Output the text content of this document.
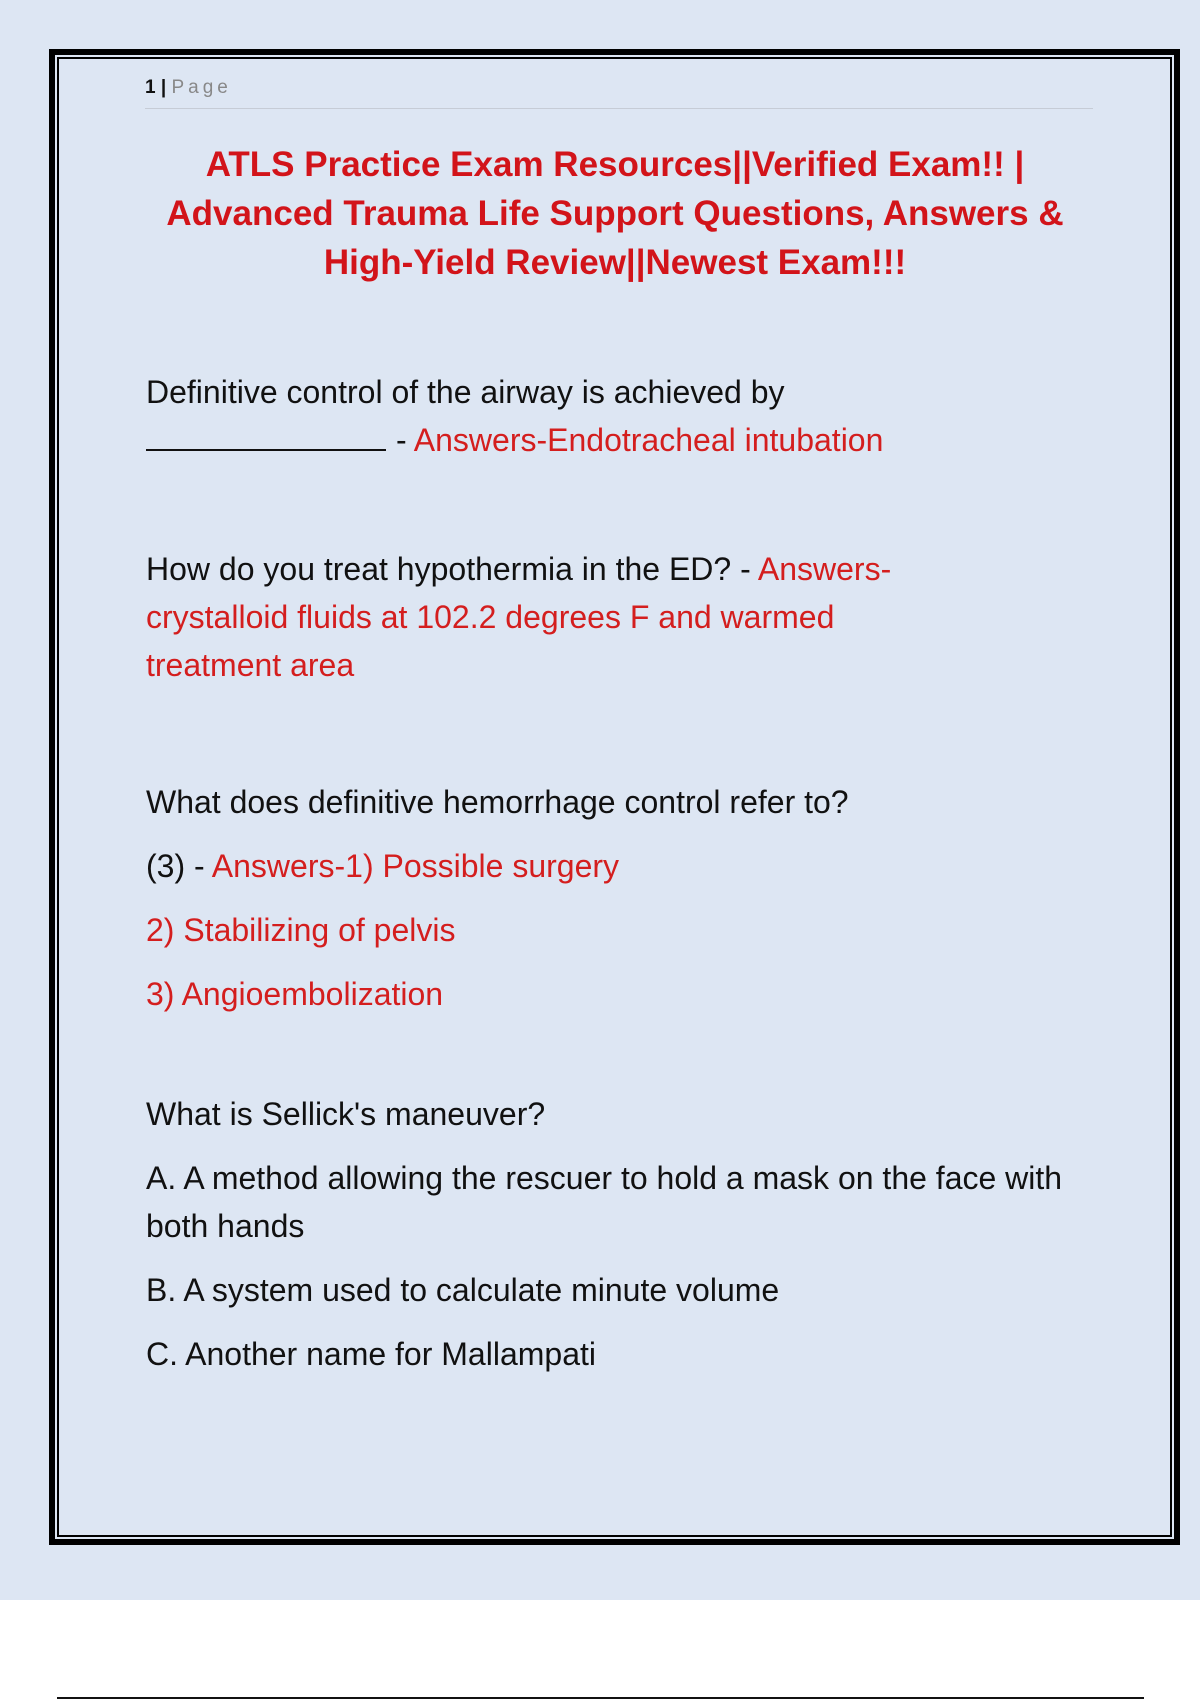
1 | Page
ATLS Practice Exam Resources||Verified Exam!! |
Advanced Trauma Life Support Questions, Answers &
High-Yield Review||Newest Exam!!!
Definitive control of the airway is achieved by
- Answers-Endotracheal intubation
How do you treat hypothermia in the ED? - Answers-
crystalloid fluids at 102.2 degrees F and warmed
treatment area
What does definitive hemorrhage control refer to?
(3) - Answers-1) Possible surgery
2) Stabilizing of pelvis
3) Angioembolization

What is Sellick's maneuver?

A. A method allowing the rescuer to hold a mask on the face with both hands

B. A system used to calculate minute volume

C. Another name for Mallampati
